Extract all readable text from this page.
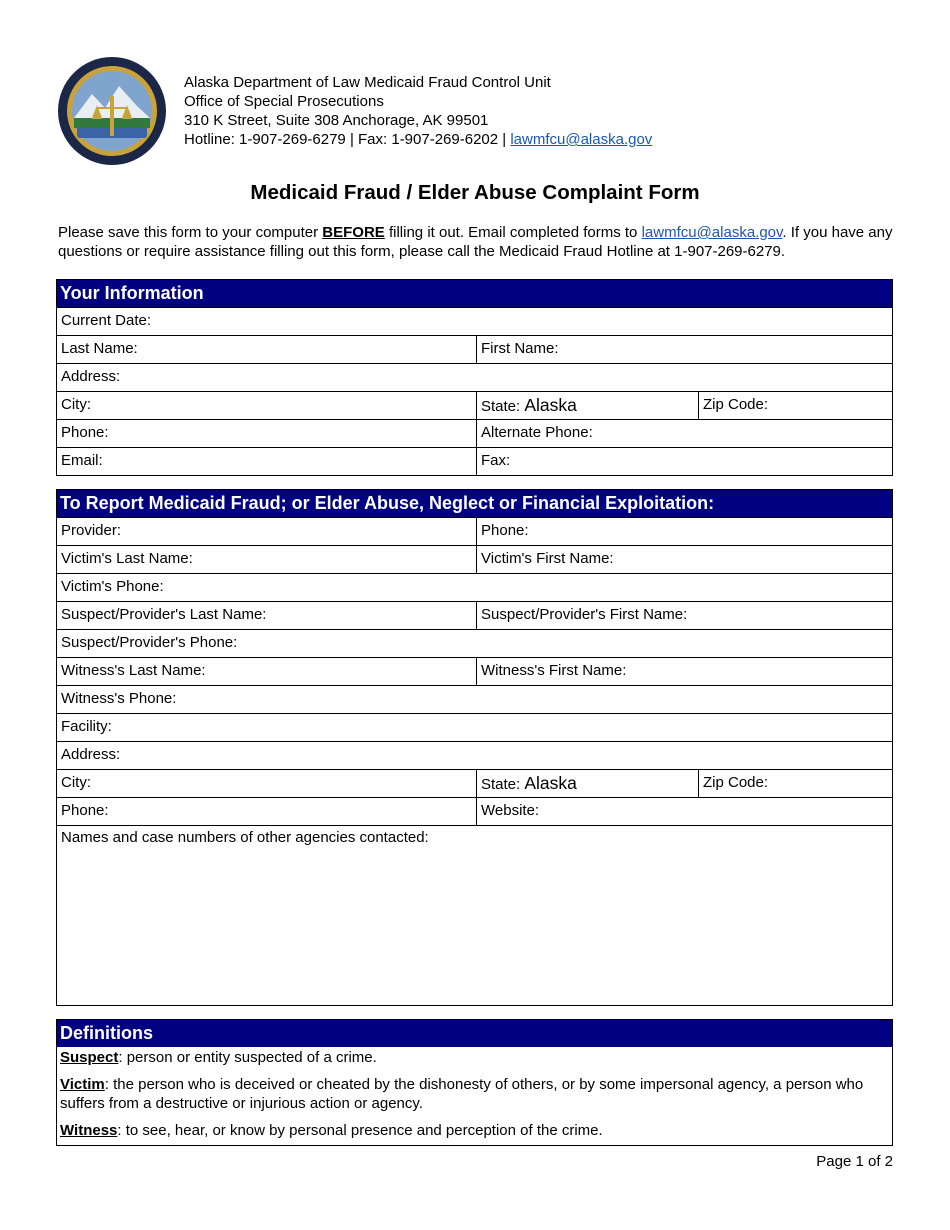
Alaska Department of Law Medicaid Fraud Control Unit
Office of Special Prosecutions
310 K Street, Suite 308 Anchorage, AK 99501
Hotline: 1-907-269-6279 | Fax: 1-907-269-6202 | lawmfcu@alaska.gov
Medicaid Fraud / Elder Abuse Complaint Form
Please save this form to your computer BEFORE filling it out. Email completed forms to lawmfcu@alaska.gov. If you have any questions or require assistance filling out this form, please call the Medicaid Fraud Hotline at 1-907-269-6279.
Your Information
Current Date:
Last Name:	First Name:
Address:
City:	State: Alaska	Zip Code:
Phone:	Alternate Phone:
Email:	Fax:
To Report Medicaid Fraud; or Elder Abuse, Neglect or Financial Exploitation:
Provider:	Phone:
Victim's Last Name:	Victim's First Name:
Victim's Phone:
Suspect/Provider's Last Name:	Suspect/Provider's First Name:
Suspect/Provider's Phone:
Witness's Last Name:	Witness's First Name:
Witness's Phone:
Facility:
Address:
City:	State: Alaska	Zip Code:
Phone:	Website:
Names and case numbers of other agencies contacted:
Definitions

Suspect: person or entity suspected of a crime.

Victim: the person who is deceived or cheated by the dishonesty of others, or by some impersonal agency, a person who suffers from a destructive or injurious action or agency.

Witness: to see, hear, or know by personal presence and perception of the crime.

Page 1 of 2
